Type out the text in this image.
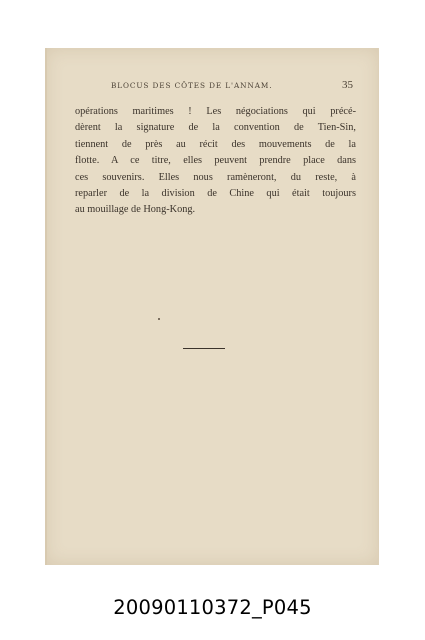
BLOCUS DES CÔTES DE L'ANNAM.	35
opérations maritimes ! Les négociations qui précé-
dèrent la signature de la convention de Tien-Sin,
tiennent de près au récit des mouvements de la
flotte. A ce titre, elles peuvent prendre place dans
ces souvenirs. Elles nous ramèneront, du reste, à
reparler de la division de Chine qui était toujours
au mouillage de Hong-Kong.
20090110372_P045
